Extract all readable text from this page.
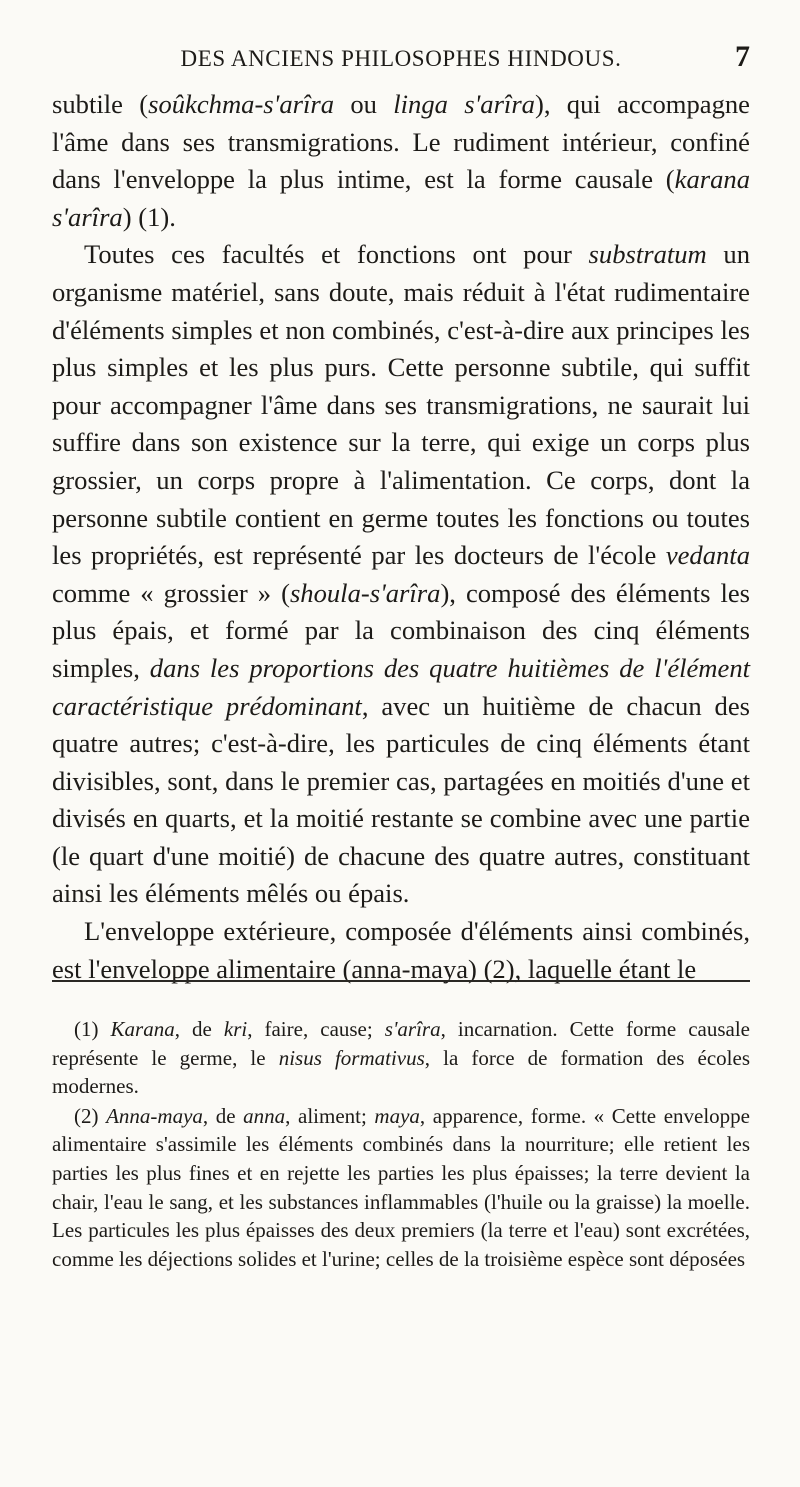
DES ANCIENS PHILOSOPHES HINDOUS.	7

subtile (soûkchma-s'arîra ou linga s'arîra), qui accompagne l'âme dans ses transmigrations. Le rudiment intérieur, confiné dans l'enveloppe la plus intime, est la forme causale (karana s'arîra) (1).

Toutes ces facultés et fonctions ont pour substratum un organisme matériel, sans doute, mais réduit à l'état rudimentaire d'éléments simples et non combinés, c'est-à-dire aux principes les plus simples et les plus purs. Cette personne subtile, qui suffit pour accompagner l'âme dans ses transmigrations, ne saurait lui suffire dans son existence sur la terre, qui exige un corps plus grossier, un corps propre à l'alimentation. Ce corps, dont la personne subtile contient en germe toutes les fonctions ou toutes les propriétés, est représenté par les docteurs de l'école vedanta comme « grossier » (shoula-s'arîra), composé des éléments les plus épais, et formé par la combinaison des cinq éléments simples, dans les proportions des quatre huitièmes de l'élément caractéristique prédominant, avec un huitième de chacun des quatre autres; c'est-à-dire, les particules de cinq éléments étant divisibles, sont, dans le premier cas, partagées en moitiés d'une et divisés en quarts, et la moitié restante se combine avec une partie (le quart d'une moitié) de chacune des quatre autres, constituant ainsi les éléments mêlés ou épais.

L'enveloppe extérieure, composée d'éléments ainsi combinés, est l'enveloppe alimentaire (anna-maya) (2), laquelle étant le

(1) Karana, de kri, faire, cause; s'arîra, incarnation. Cette forme causale représente le germe, le nisus formativus, la force de formation des écoles modernes.

(2) Anna-maya, de anna, aliment; maya, apparence, forme. « Cette enveloppe alimentaire s'assimile les éléments combinés dans la nourriture; elle retient les parties les plus fines et en rejette les parties les plus épaisses; la terre devient la chair, l'eau le sang, et les substances inflammables (l'huile ou la graisse) la moelle. Les particules les plus épaisses des deux premiers (la terre et l'eau) sont excrétées, comme les déjections solides et l'urine; celles de la troisième espèce sont déposées
